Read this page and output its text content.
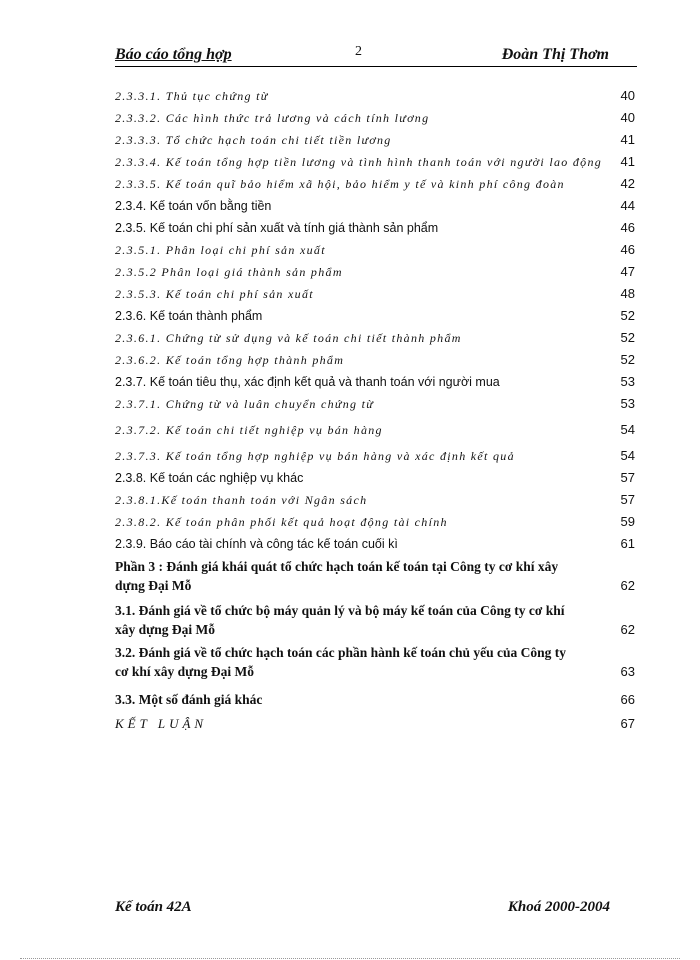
Báo cáo tổng hợp	2	Đoàn Thị Thơm
2.3.3.1. Thủ tục chứng từ	40
2.3.3.2. Các hình thức trả lương và cách tính lương	40
2.3.3.3. Tổ chức hạch toán chi tiết tiền lương	41
2.3.3.4. Kế toán tổng hợp tiền lương và tình hình thanh toán với người lao động	41
2.3.3.5. Kế toán quĩ bảo hiểm xã hội, bảo hiểm y tế và kinh phí công đoàn	42
2.3.4. Kế toán vốn bằng tiền	44
2.3.5. Kế toán chi phí sản xuất và tính giá thành sản phẩm	46
2.3.5.1. Phân loại chi phí sản xuất	46
2.3.5.2 Phân loại giá thành sản phẩm	47
2.3.5.3. Kế toán chi phí sản xuất	48
2.3.6. Kế toán thành phẩm	52
2.3.6.1. Chứng từ sử dụng và kế toán chi tiết thành phẩm	52
2.3.6.2. Kế toán tổng hợp thành phẩm	52
2.3.7. Kế toán tiêu thụ, xác định kết quả và thanh toán với người mua	53
2.3.7.1. Chứng từ và luân chuyển chứng từ	53
2.3.7.2. Kế toán chi tiết nghiệp vụ bán hàng	54
2.3.7.3. Kế toán tổng hợp nghiệp vụ bán hàng và xác định kết quả	54
2.3.8. Kế toán các nghiệp vụ khác	57
2.3.8.1.Kế toán thanh toán với Ngân sách	57
2.3.8.2. Kế toán phân phối kết quả hoạt động tài chính	59
2.3.9. Báo cáo tài chính và công tác kế toán cuối kì	61
Phần 3 : Đánh giá khái quát tổ chức hạch toán kế toán tại Công ty cơ khí xây
dựng Đại Mỗ	62
3.1. Đánh giá về tổ chức bộ máy quản lý và bộ máy kế toán của Công ty cơ khí
xây dựng Đại Mỗ	62
3.2. Đánh giá về tổ chức hạch toán các phần hành kế toán chủ yếu của Công ty
cơ khí xây dựng Đại Mỗ	63
3.3. Một số đánh giá khác	66
KẾT LUẬN	67
Kế toán 42A	Khoá 2000-2004
